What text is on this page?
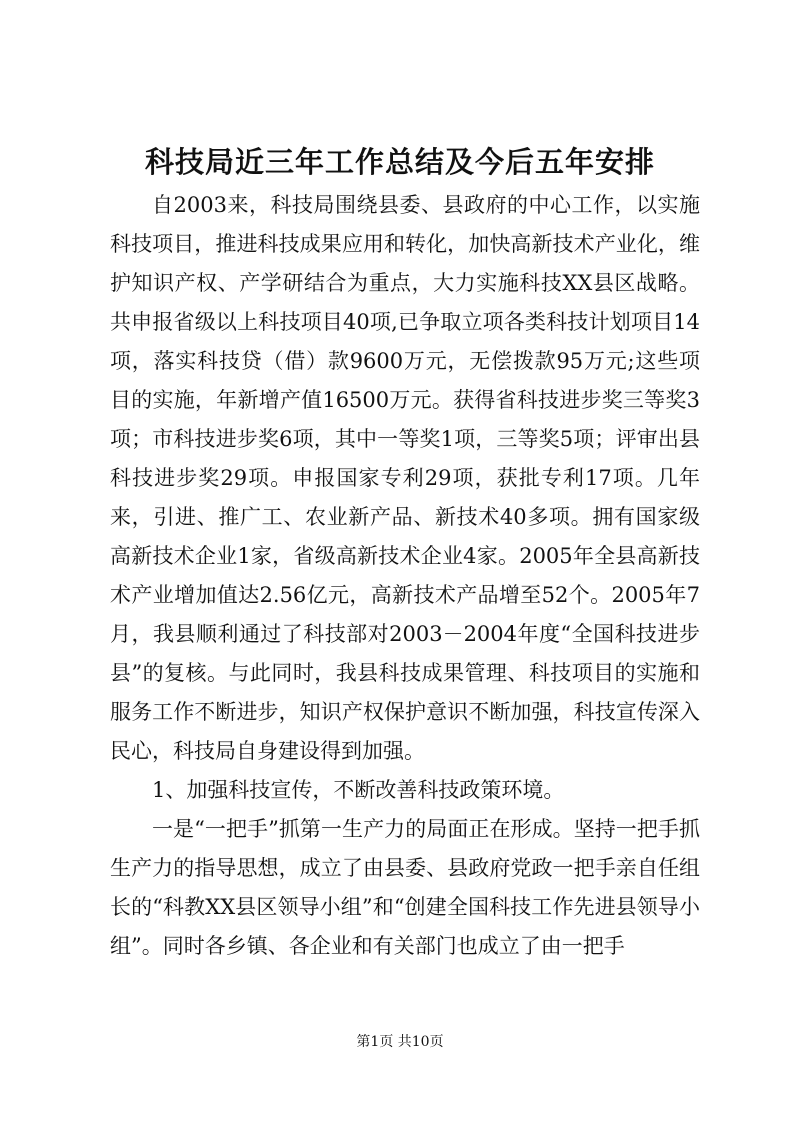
科技局近三年工作总结及今后五年安排

自2003来，科技局围绕县委、县政府的中心工作，以实施科技项目，推进科技成果应用和转化，加快高新技术产业化，维护知识产权、产学研结合为重点，大力实施科技XX县区战略。共申报省级以上科技项目40项,已争取立项各类科技计划项目14项，落实科技贷（借）款9600万元，无偿拨款95万元;这些项目的实施，年新增产值16500万元。获得省科技进步奖三等奖3项；市科技进步奖6项，其中一等奖1项，三等奖5项；评审出县科技进步奖29项。申报国家专利29项，获批专利17项。几年来，引进、推广工、农业新产品、新技术40多项。拥有国家级高新技术企业1家，省级高新技术企业4家。2005年全县高新技术产业增加值达2.56亿元，高新技术产品增至52个。2005年7月，我县顺利通过了科技部对2003－2004年度“全国科技进步县”的复核。与此同时，我县科技成果管理、科技项目的实施和服务工作不断进步，知识产权保护意识不断加强，科技宣传深入民心，科技局自身建设得到加强。

1、加强科技宣传，不断改善科技政策环境。

一是“一把手”抓第一生产力的局面正在形成。坚持一把手抓生产力的指导思想，成立了由县委、县政府党政一把手亲自任组长的“科教XX县区领导小组”和“创建全国科技工作先进县领导小组”。同时各乡镇、各企业和有关部门也成立了由一把手

第1页 共10页
